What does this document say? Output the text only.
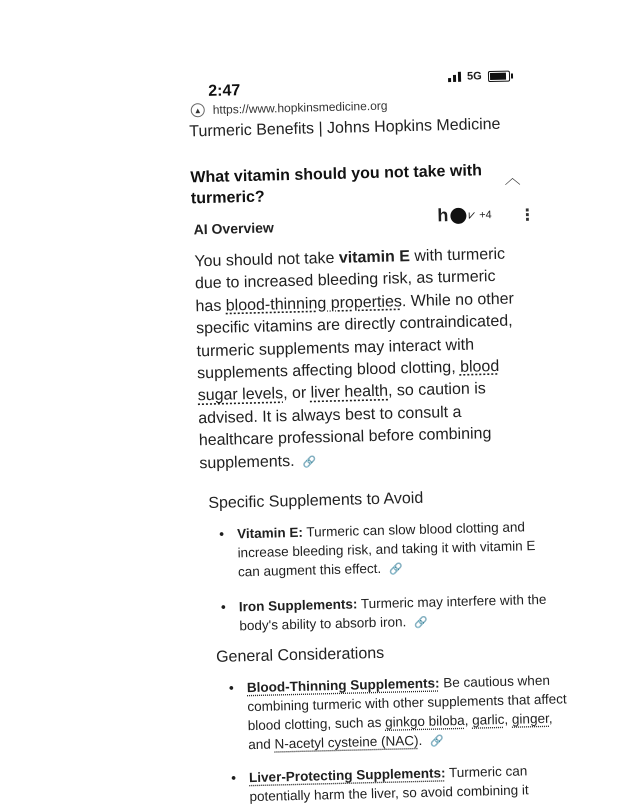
2:47
5G
▲ https://www.hopkinsmedicine.org
Turmeric Benefits | Johns Hopkins Medicine
What vitamin should you not take with turmeric?
︿
AI Overview
h ⩗ +4 ⋮
You should not take vitamin E with turmeric due to increased bleeding risk, as turmeric has blood-thinning properties. While no other specific vitamins are directly contraindicated, turmeric supplements may interact with supplements affecting blood clotting, blood sugar levels, or liver health, so caution is advised. It is always best to consult a healthcare professional before combining supplements. 🔗
Specific Supplements to Avoid
• Vitamin E: Turmeric can slow blood clotting and increase bleeding risk, and taking it with vitamin E can augment this effect. 🔗
• Iron Supplements: Turmeric may interfere with the body's ability to absorb iron. 🔗
General Considerations
• Blood-Thinning Supplements: Be cautious when combining turmeric with other supplements that affect blood clotting, such as ginkgo biloba, garlic, ginger, and N-acetyl cysteine (NAC). 🔗
• Liver-Protecting Supplements: Turmeric can potentially harm the liver, so avoid combining it
